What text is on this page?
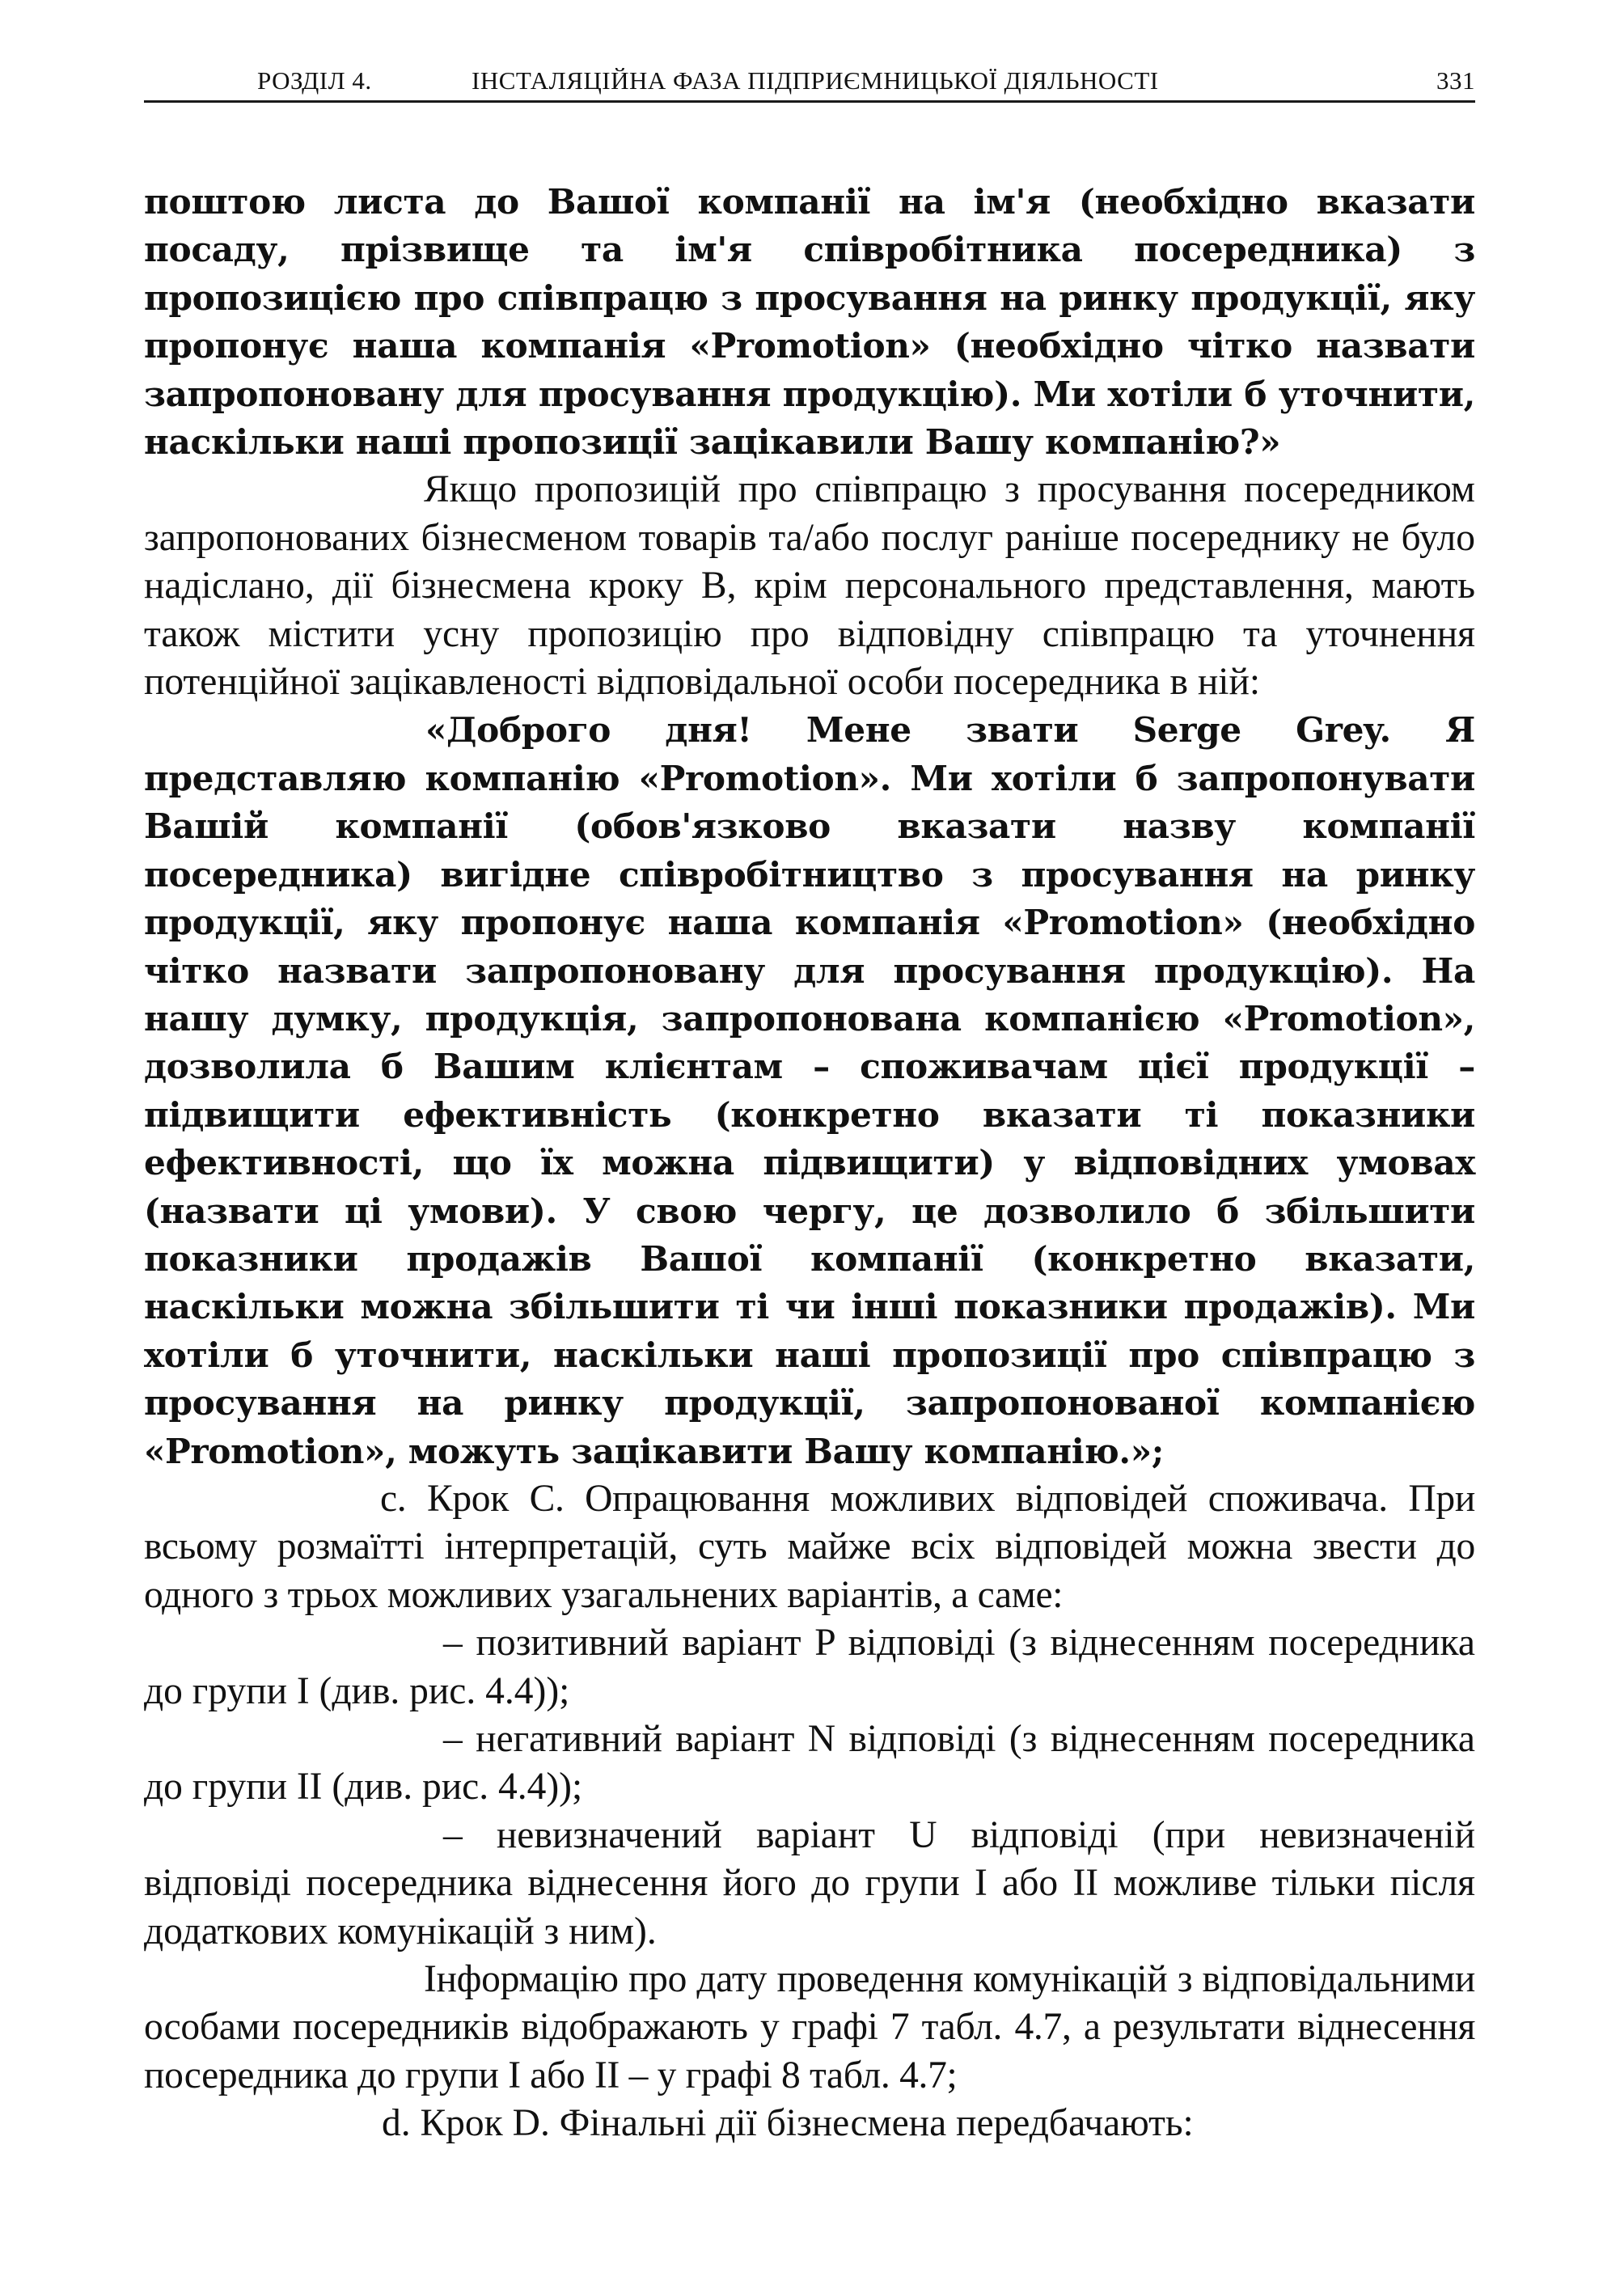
РОЗДІЛ 4.	ІНСТАЛЯЦІЙНА ФАЗА ПІДПРИЄМНИЦЬКОЇ ДІЯЛЬНОСТІ	331

поштою листа до Вашої компанії на ім'я (необхідно вказати посаду, прізвище та ім'я співробітника посередника) з пропозицією про співпрацю з просування на ринку продукції, яку пропонує наша компанія «Promotion» (необхідно чітко назвати запропоновану для просування продукцію). Ми хотіли б уточнити, наскільки наші пропозиції зацікавили Вашу компанію?»

Якщо пропозицій про співпрацю з просування посередником запропонованих бізнесменом товарів та/або послуг раніше посереднику не було надіслано, дії бізнесмена кроку B, крім персонального представлення, мають також містити усну пропозицію про відповідну співпрацю та уточнення потенційної зацікавленості відповідальної особи посередника в ній:

«Доброго дня! Мене звати Serge Grey. Я представляю компанію «Promotion». Ми хотіли б запропонувати Вашій компанії (обов'язково вказати назву компанії посередника) вигідне співробітництво з просування на ринку продукції, яку пропонує наша компанія «Promotion» (необхідно чітко назвати запропоновану для просування продукцію). На нашу думку, продукція, запропонована компанією «Promotion», дозволила б Вашим клієнтам – споживачам цієї продукції – підвищити ефективність (конкретно вказати ті показники ефективності, що їх можна підвищити) у відповідних умовах (назвати ці умови). У свою чергу, це дозволило б збільшити показники продажів Вашої компанії (конкретно вказати, наскільки можна збільшити ті чи інші показники продажів). Ми хотіли б уточнити, наскільки наші пропозиції про співпрацю з просування на ринку продукції, запропонованої компанією «Promotion», можуть зацікавити Вашу компанію.»;

c. Крок C. Опрацювання можливих відповідей споживача. При всьому розмаїтті інтерпретацій, суть майже всіх відповідей можна звести до одного з трьох можливих узагальнених варіантів, а саме:

– позитивний варіант P відповіді (з віднесенням посередника до групи I (див. рис. 4.4));

– негативний варіант N відповіді (з віднесенням посередника до групи II (див. рис. 4.4));

– невизначений варіант U відповіді (при невизначеній відповіді посередника віднесення його до групи I або II можливе тільки після додаткових комунікацій з ним).

Інформацію про дату проведення комунікацій з відповідальними особами посередників відображають у графі 7 табл. 4.7, а результати віднесення посередника до групи I або II – у графі 8 табл. 4.7;

d. Крок D. Фінальні дії бізнесмена передбачають:
